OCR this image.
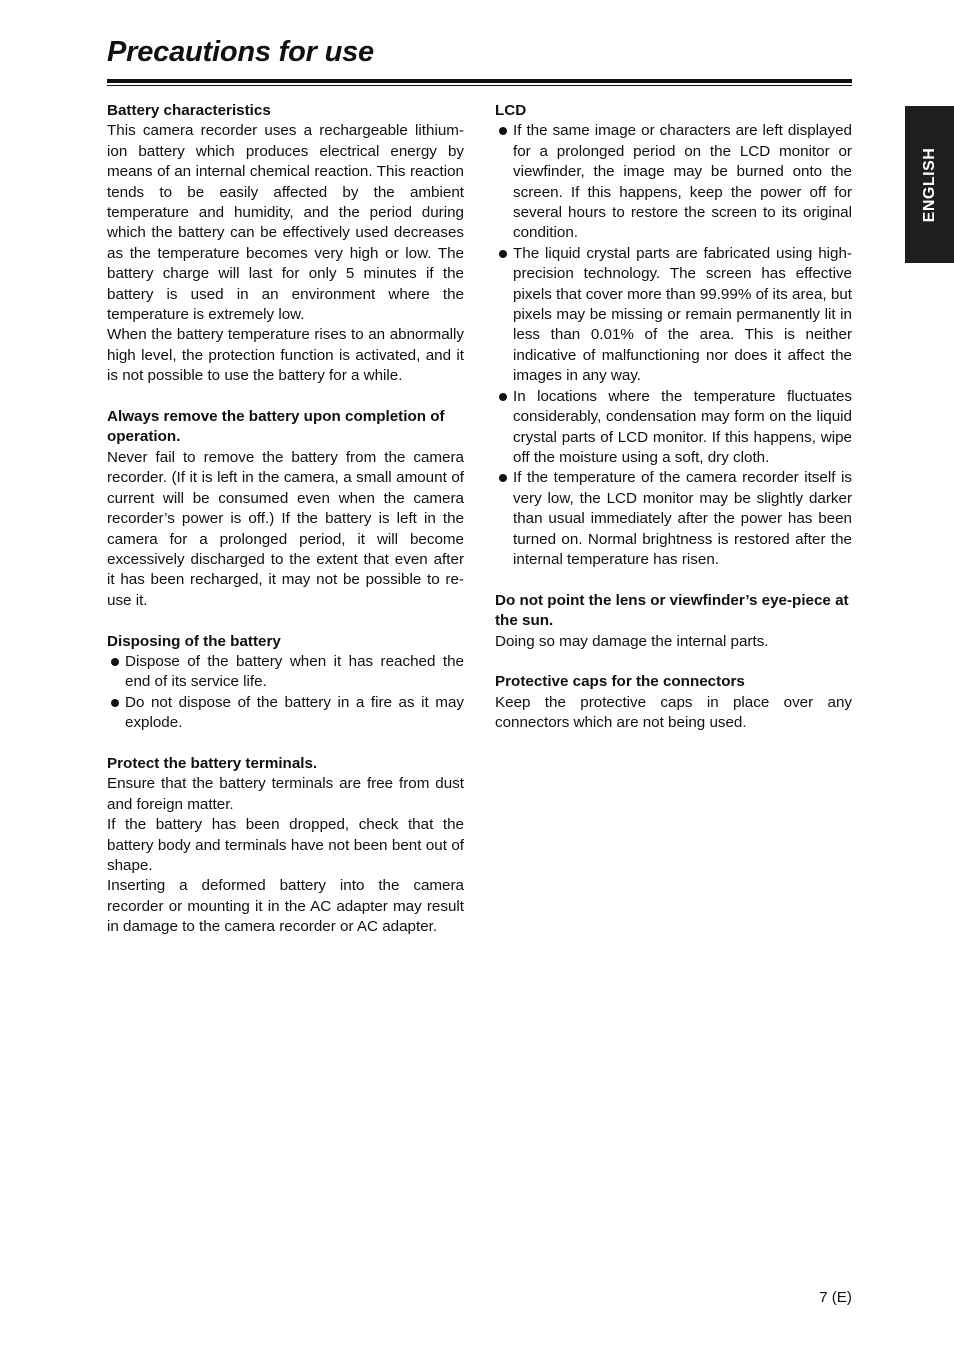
Precautions for use
ENGLISH
Battery characteristics

This camera recorder uses a rechargeable lithium-ion battery which produces electrical energy by means of an internal chemical reaction. This reaction tends to be easily affected by the ambient temperature and humidity, and the period during which the battery can be effectively used decreases as the temperature becomes very high or low. The battery charge will last for only 5 minutes if the battery is used in an environment where the temperature is extremely low.

When the battery temperature rises to an abnormally high level, the protection function is activated, and it is not possible to use the battery for a while.

Always remove the battery upon completion of operation.

Never fail to remove the battery from the camera recorder. (If it is left in the camera, a small amount of current will be consumed even when the camera recorder’s power is off.) If the battery is left in the camera for a prolonged period, it will become excessively discharged to the extent that even after it has been recharged, it may not be possible to re-use it.

Disposing of the battery
Dispose of the battery when it has reached the end of its service life.
Do not dispose of the battery in a fire as it may explode.
Protect the battery terminals.

Ensure that the battery terminals are free from dust and foreign matter.

If the battery has been dropped, check that the battery body and terminals have not been bent out of shape.

Inserting a deformed battery into the camera recorder or mounting it in the AC adapter may result in damage to the camera recorder or AC adapter.

LCD
If the same image or characters are left displayed for a prolonged period on the LCD monitor or viewfinder, the image may be burned onto the screen. If this happens, keep the power off for several hours to restore the screen to its original condition.
The liquid crystal parts are fabricated using high-precision technology. The screen has effective pixels that cover more than 99.99% of its area, but pixels may be missing or remain permanently lit in less than 0.01% of the area. This is neither indicative of malfunctioning nor does it affect the images in any way.
In locations where the temperature fluctuates considerably, condensation may form on the liquid crystal parts of LCD monitor. If this happens, wipe off the moisture using a soft, dry cloth.
If the temperature of the camera recorder itself is very low, the LCD monitor may be slightly darker than usual immediately after the power has been turned on. Normal brightness is restored after the internal temperature has risen.
Do not point the lens or viewfinder’s eye-piece at the sun.

Doing so may damage the internal parts.

Protective caps for the connectors

Keep the protective caps in place over any connectors which are not being used.

7 (E)
